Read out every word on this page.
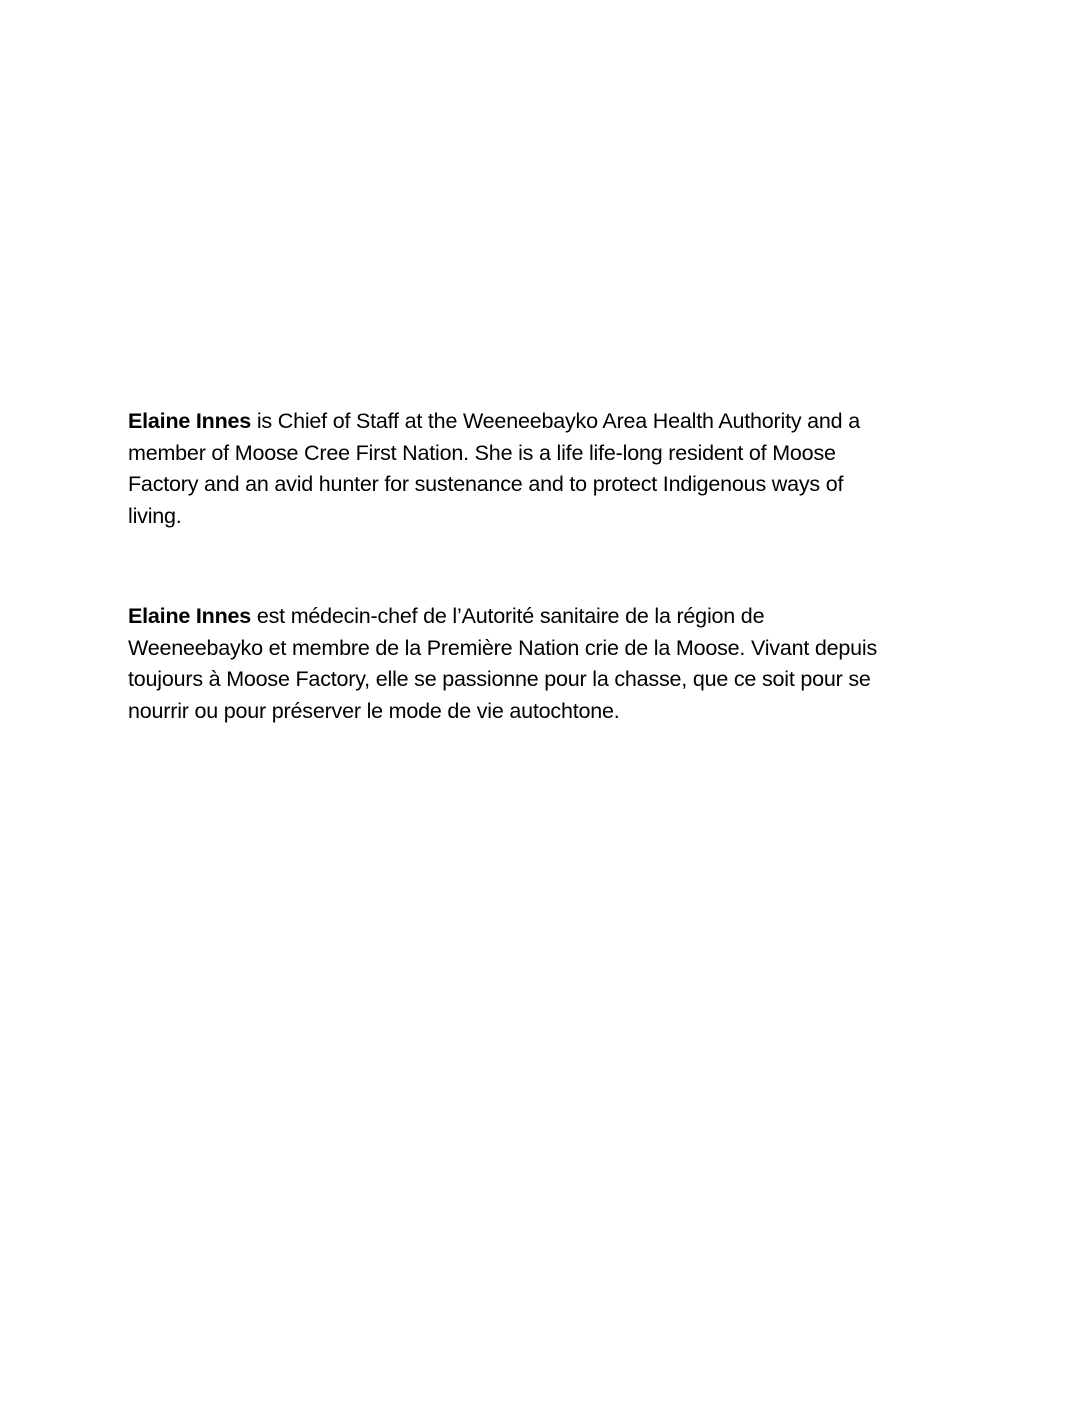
Elaine Innes is Chief of Staff at the Weeneebayko Area Health Authority and a
member of Moose Cree First Nation. She is a life life-long resident of Moose
Factory and an avid hunter for sustenance and to protect Indigenous ways of
living.
Elaine Innes est médecin-chef de l’Autorité sanitaire de la région de
Weeneebayko et membre de la Première Nation crie de la Moose. Vivant depuis
toujours à Moose Factory, elle se passionne pour la chasse, que ce soit pour se
nourrir ou pour préserver le mode de vie autochtone.
